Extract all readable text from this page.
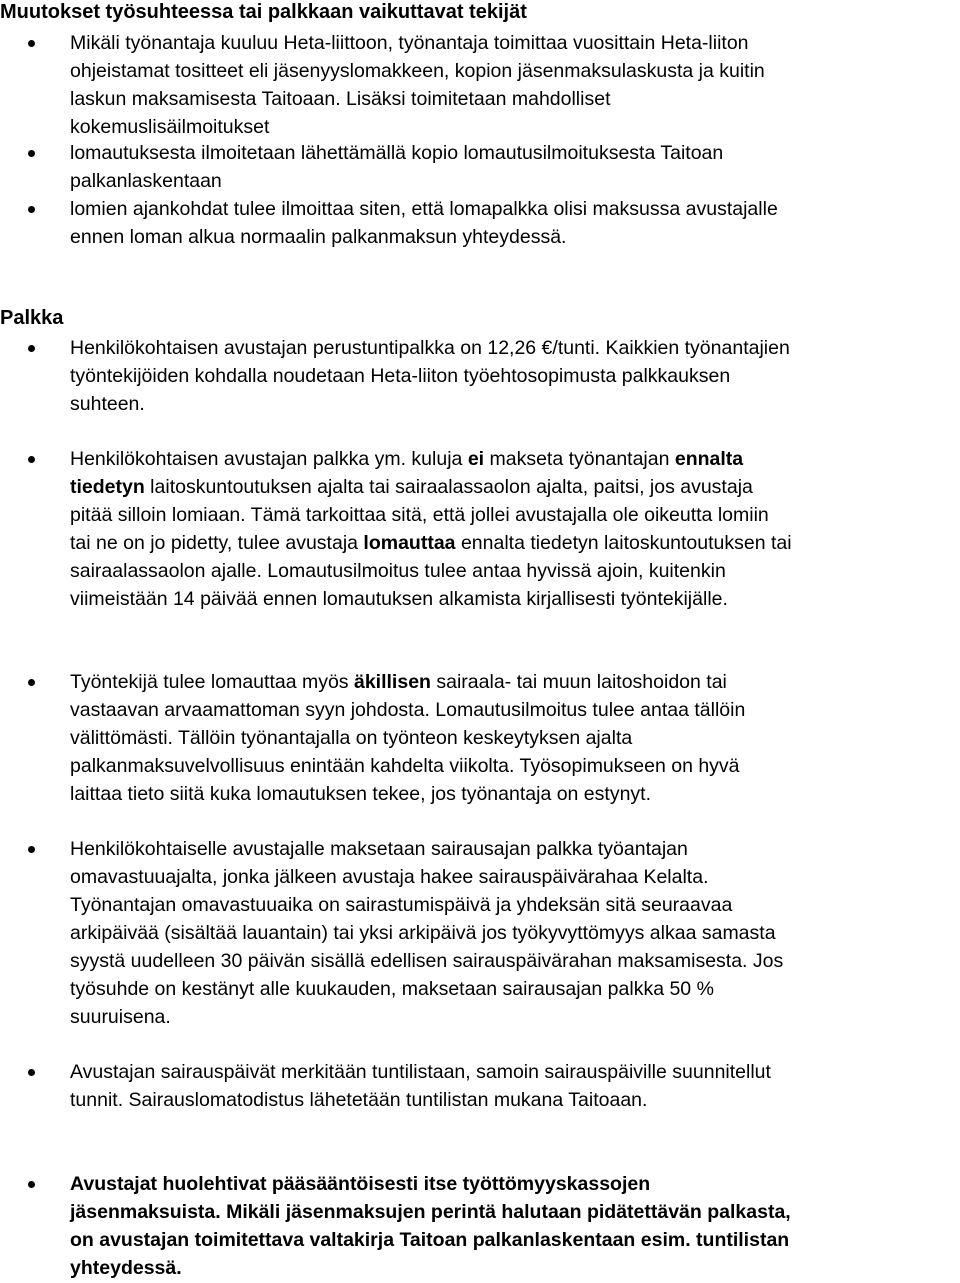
Muutokset työsuhteessa tai palkkaan vaikuttavat tekijät
Mikäli työnantaja kuuluu Heta-liittoon, työnantaja toimittaa vuosittain Heta-liiton
ohjeistamat tositteet eli jäsenyyslomakkeen, kopion jäsenmaksulaskusta ja kuitin
laskun maksamisesta Taitoaan. Lisäksi toimitetaan mahdolliset
kokemuslisäilmoitukset
lomautuksesta ilmoitetaan lähettämällä kopio lomautusilmoituksesta Taitoan
palkanlaskentaan
lomien ajankohdat tulee ilmoittaa siten, että lomapalkka olisi maksussa avustajalle
ennen loman alkua normaalin palkanmaksun yhteydessä.
Palkka
Henkilökohtaisen avustajan perustuntipalkka on 12,26 €/tunti. Kaikkien työnantajien
työntekijöiden kohdalla noudetaan Heta-liiton työehtosopimusta palkkauksen
suhteen.
Henkilökohtaisen avustajan palkka ym. kuluja ei makseta työnantajan ennalta
tiedetyn laitoskuntoutuksen ajalta tai sairaalassaolon ajalta, paitsi, jos avustaja
pitää silloin lomiaan. Tämä tarkoittaa sitä, että jollei avustajalla ole oikeutta lomiin
tai ne on jo pidetty, tulee avustaja lomauttaa ennalta tiedetyn laitoskuntoutuksen tai
sairaalassaolon ajalle. Lomautusilmoitus tulee antaa hyvissä ajoin, kuitenkin
viimeistään 14 päivää ennen lomautuksen alkamista kirjallisesti työntekijälle.
Työntekijä tulee lomauttaa myös äkillisen sairaala- tai muun laitoshoidon tai
vastaavan arvaamattoman syyn johdosta. Lomautusilmoitus tulee antaa tällöin
välittömästi. Tällöin työnantajalla on työnteon keskeytyksen ajalta
palkanmaksuvelvollisuus enintään kahdelta viikolta. Työsopimukseen on hyvä
laittaa tieto siitä kuka lomautuksen tekee, jos työnantaja on estynyt.
Henkilökohtaiselle avustajalle maksetaan sairausajan palkka työantajan
omavastuuajalta, jonka jälkeen avustaja hakee sairauspäivärahaa Kelalta.
Työnantajan omavastuuaika on sairastumispäivä ja yhdeksän sitä seuraavaa
arkipäivää (sisältää lauantain) tai yksi arkipäivä jos työkyvyttömyys alkaa samasta
syystä uudelleen 30 päivän sisällä edellisen sairauspäivärahan maksamisesta. Jos
työsuhde on kestänyt alle kuukauden, maksetaan sairausajan palkka 50 %
suuruisena.
Avustajan sairauspäivät merkitään tuntilistaan, samoin sairauspäiville suunnitellut
tunnit. Sairauslomatodistus lähetetään tuntilistan mukana Taitoaan.
Avustajat huolehtivat pääsääntöisesti itse työttömyyskassojen
jäsenmaksuista. Mikäli jäsenmaksujen perintä halutaan pidätettävän palkasta,
on avustajan toimitettava valtakirja Taitoan palkanlaskentaan esim. tuntilistan
yhteydessä.
